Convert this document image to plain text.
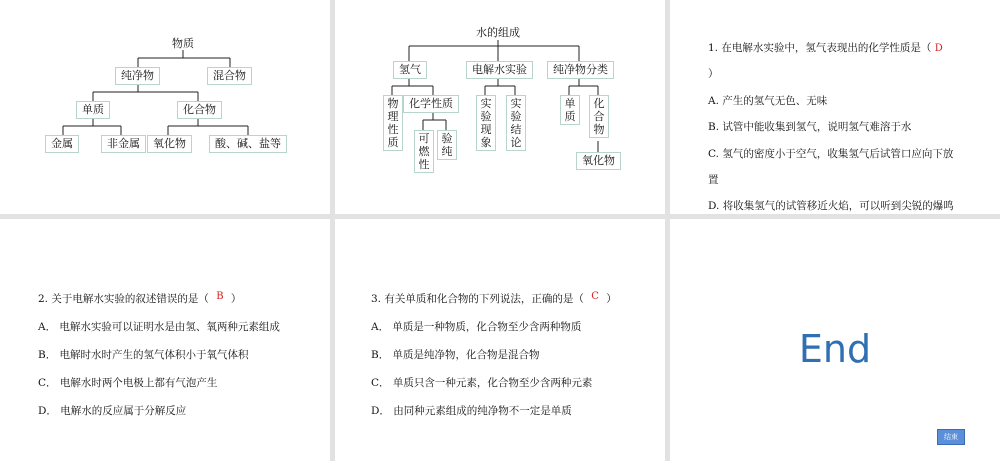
物质
纯净物	混合物
单质	化合物
金属	非金属	氧化物	酸、碱、盐等
水的组成
氢气	电解水实验	纯净物分类
物理性质
化学性质
可燃性
验纯
实验现象
实验结论
单质
化合物
氧化物
1. 在电解水实验中，氢气表现出的化学性质是（ D
）
A. 产生的氢气无色、无味
B. 试管中能收集到氢气，说明氢气难溶于水
C. 氢气的密度小于空气，收集氢气后试管口应向下放
置
D. 将收集氢气的试管移近火焰，可以听到尖锐的爆鸣
2. 关于电解水实验的叙述错误的是（ B ）
A． 电解水实验可以证明水是由氢、氧两种元素组成
B． 电解时水时产生的氢气体积小于氧气体积
C． 电解水时两个电极上都有气泡产生
D． 电解水的反应属于分解反应
3. 有关单质和化合物的下列说法，正确的是（ C ）
A． 单质是一种物质，化合物至少含两种物质
B． 单质是纯净物，化合物是混合物
C． 单质只含一种元素，化合物至少含两种元素
D． 由同种元素组成的纯净物不一定是单质
End
结束
